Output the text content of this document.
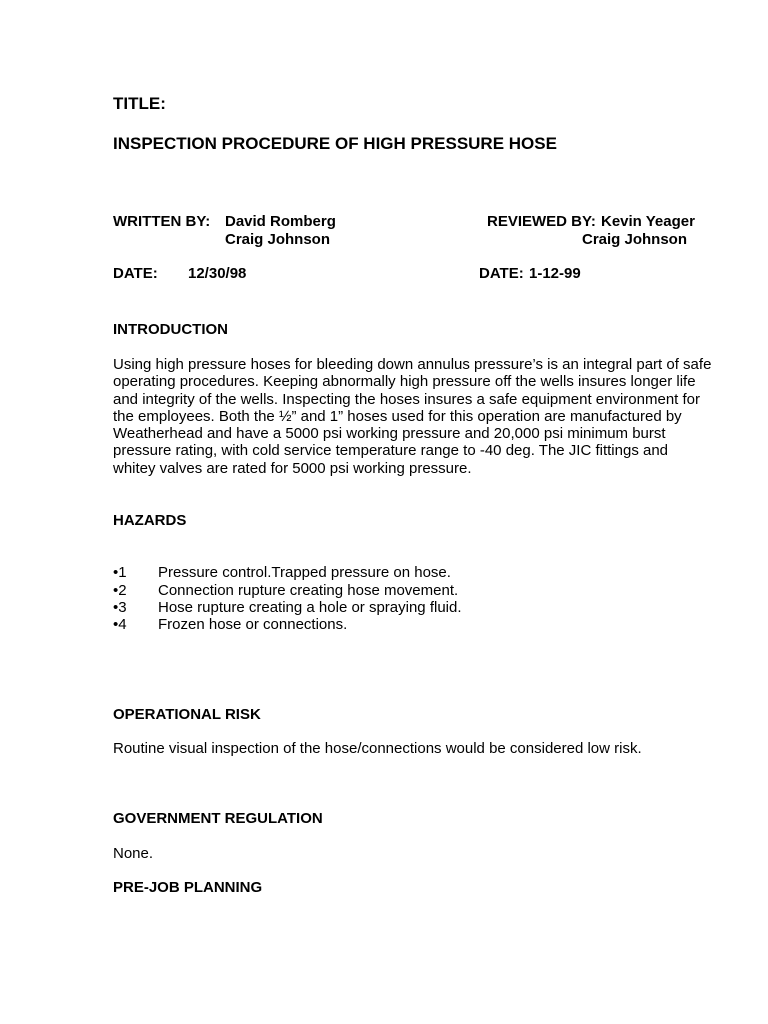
TITLE:
INSPECTION PROCEDURE OF HIGH PRESSURE HOSE
WRITTEN BY: David Romberg
Craig Johnson
REVIEWED BY: Kevin Yeager
Craig Johnson
DATE: 12/30/98	DATE: 1-12-99
INTRODUCTION
Using high pressure hoses for bleeding down annulus pressure’s is an integral part of safe operating procedures. Keeping abnormally high pressure off the wells insures longer life and integrity of the wells. Inspecting the hoses insures a safe equipment environment for the employees. Both the ½” and 1” hoses used for this operation are manufactured by Weatherhead and have a 5000 psi working pressure and 20,000 psi minimum burst pressure rating, with cold service temperature range to -40 deg. The JIC fittings and whitey valves are rated for 5000 psi working pressure.
HAZARDS
•1 Pressure control.Trapped pressure on hose.
•2 Connection rupture creating hose movement.
•3 Hose rupture creating a hole or spraying fluid.
•4 Frozen hose or connections.
OPERATIONAL RISK
Routine visual inspection of the hose/connections would be considered low risk.
GOVERNMENT REGULATION
None.
PRE-JOB PLANNING
